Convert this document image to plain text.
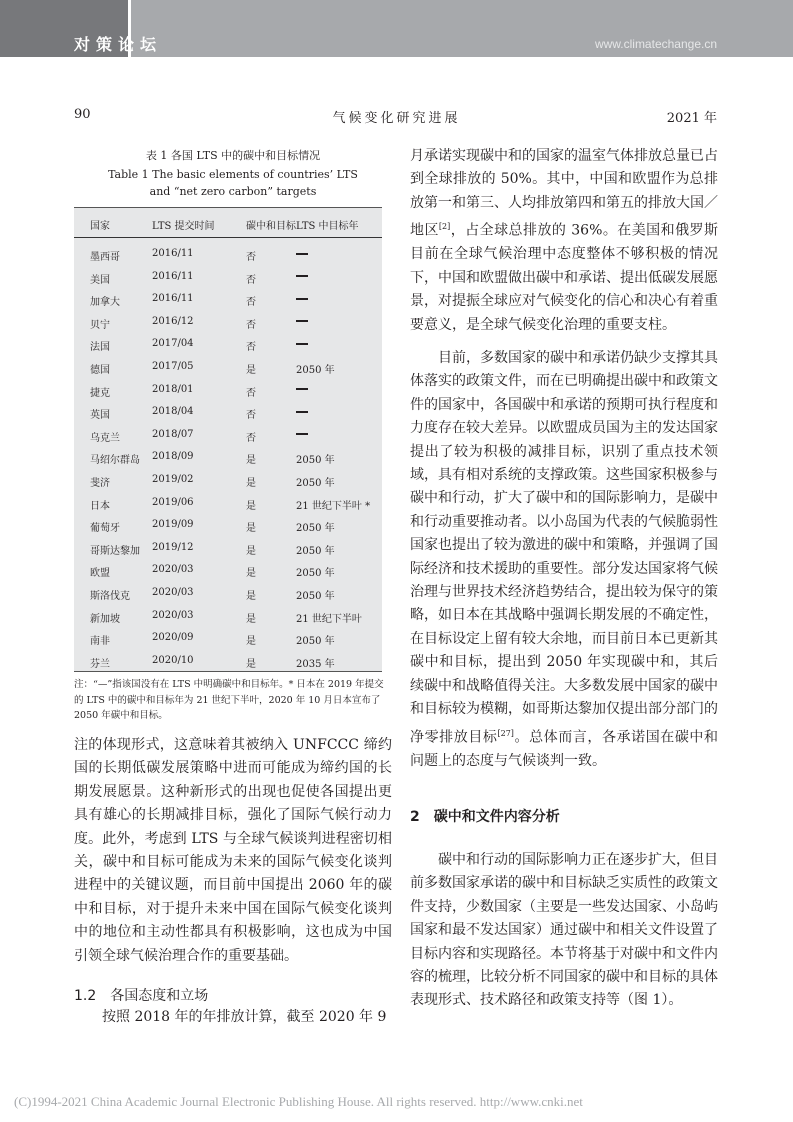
对策论坛	www.climatechange.cn
90	气候变化研究进展	2021 年
表 1 各国 LTS 中的碳中和目标情况
Table 1 The basic elements of countries’ LTS and “net zero carbon” targets
国家	LTS 提交时间	碳中和目标 LTS 中目标年
墨西哥	2016/11	否
美国	2016/11	否
加拿大	2016/11	否
贝宁	2016/12	否
法国	2017/04	否
德国	2017/05	是	2050 年
捷克	2018/01	否
英国	2018/04	否
乌克兰	2018/07	否
马绍尔群岛 2018/09	是	2050 年
斐济	2019/02	是	2050 年
日本	2019/06	是	21 世纪下半叶 *
葡萄牙	2019/09	是	2050 年
哥斯达黎加 2019/12	是	2050 年
欧盟	2020/03	是	2050 年
斯洛伐克 2020/03	是	2050 年
新加坡	2020/03	是	21 世纪下半叶
南非	2020/09	是	2050 年
芬兰	2020/10	是	2035 年
注：“—”指该国没有在 LTS 中明确碳中和目标年。* 日本在 2019 年提交的 LTS 中的碳中和目标年为 21 世纪下半叶，2020 年 10 月日本宣布了 2050 年碳中和目标。
注的体现形式，这意味着其被纳入 UNFCCC 缔约国的长期低碳发展策略中进而可能成为缔约国的长期发展愿景。这种新形式的出现也促使各国提出更具有雄心的长期减排目标，强化了国际气候行动力度。此外，考虑到 LTS 与全球气候谈判进程密切相关，碳中和目标可能成为未来的国际气候变化谈判进程中的关键议题，而目前中国提出 2060 年的碳中和目标，对于提升未来中国在国际气候变化谈判中的地位和主动性都具有积极影响，这也成为中国引领全球气候治理合作的重要基础。
1.2　各国态度和立场
按照 2018 年的年排放计算，截至 2020 年 9
月承诺实现碳中和的国家的温室气体排放总量已占到全球排放的 50%。其中，中国和欧盟作为总排放第一和第三、人均排放第四和第五的排放大国／地区[2]，占全球总排放的 36%。在美国和俄罗斯目前在全球气候治理中态度整体不够积极的情况下，中国和欧盟做出碳中和承诺、提出低碳发展愿景，对提振全球应对气候变化的信心和决心有着重要意义，是全球气候变化治理的重要支柱。
目前，多数国家的碳中和承诺仍缺少支撑其具体落实的政策文件，而在已明确提出碳中和政策文件的国家中，各国碳中和承诺的预期可执行程度和力度存在较大差异。以欧盟成员国为主的发达国家提出了较为积极的减排目标，识别了重点技术领域，具有相对系统的支撑政策。这些国家积极参与碳中和行动，扩大了碳中和的国际影响力，是碳中和行动重要推动者。以小岛国为代表的气候脆弱性国家也提出了较为激进的碳中和策略，并强调了国际经济和技术援助的重要性。部分发达国家将气候治理与世界技术经济趋势结合，提出较为保守的策略，如日本在其战略中强调长期发展的不确定性，在目标设定上留有较大余地，而目前日本已更新其碳中和目标，提出到 2050 年实现碳中和，其后续碳中和战略值得关注。大多数发展中国家的碳中和目标较为模糊，如哥斯达黎加仅提出部分部门的净零排放目标[27]。总体而言，各承诺国在碳中和问题上的态度与气候谈判一致。
2　碳中和文件内容分析
碳中和行动的国际影响力正在逐步扩大，但目前多数国家承诺的碳中和目标缺乏实质性的政策文件支持，少数国家（主要是一些发达国家、小岛屿国家和最不发达国家）通过碳中和相关文件设置了目标内容和实现路径。本节将基于对碳中和文件内容的梳理，比较分析不同国家的碳中和目标的具体表现形式、技术路径和政策支持等（图 1）。
(C)1994-2021 China Academic Journal Electronic Publishing House. All rights reserved. http://www.cnki.net
